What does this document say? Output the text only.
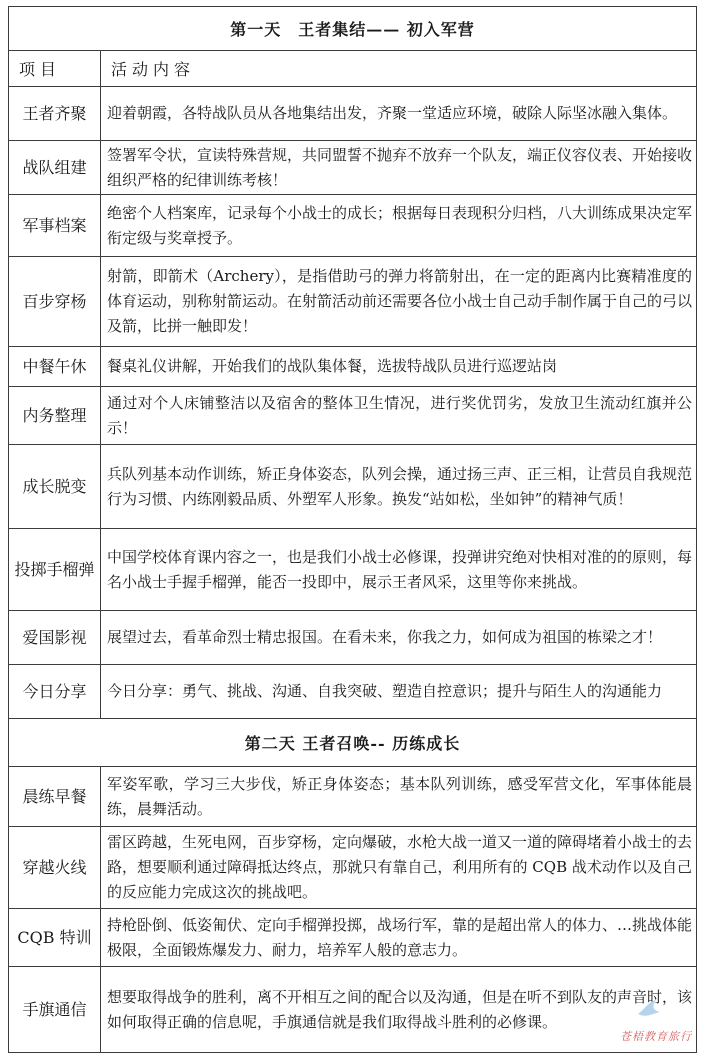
第一天　王者集结—— 初入军营	
项目	活动内容
王者齐聚	迎着朝霞，各特战队员从各地集结出发，齐聚一堂适应环境，破除人际坚冰融入集体。
战队组建	签署军令状，宣读特殊营规，共同盟誓不抛弃不放弃一个队友，端正仪容仪表、开始接收组织严格的纪律训练考核！
军事档案	绝密个人档案库，记录每个小战士的成长；根据每日表现积分归档，八大训练成果决定军衔定级与奖章授予。
百步穿杨	射箭，即箭术（Archery），是指借助弓的弹力将箭射出，在一定的距离内比赛精准度的体育运动，别称射箭运动。在射箭活动前还需要各位小战士自己动手制作属于自己的弓以及箭，比拼一触即发！
中餐午休	餐桌礼仪讲解，开始我们的战队集体餐，选拔特战队员进行巡逻站岗
内务整理	通过对个人床铺整洁以及宿舍的整体卫生情况，进行奖优罚劣，发放卫生流动红旗并公示！
成长脱变	兵队列基本动作训练，矫正身体姿态，队列会操，通过扬三声、正三相，让营员自我规范行为习惯、内练刚毅品质、外塑军人形象。换发“站如松，坐如钟”的精神气质！
投掷手榴弹	中国学校体育课内容之一，也是我们小战士必修课，投弹讲究绝对快相对准的的原则，每名小战士手握手榴弹，能否一投即中，展示王者风采，这里等你来挑战。
爱国影视	展望过去，看革命烈士精忠报国。在看未来，你我之力，如何成为祖国的栋梁之才！
今日分享	今日分享：勇气、挑战、沟通、自我突破、塑造自控意识；提升与陌生人的沟通能力
第二天 王者召唤-- 历练成长	
晨练早餐	军姿军歌，学习三大步伐，矫正身体姿态；基本队列训练，感受军营文化，军事体能晨练，晨舞活动。
穿越火线	雷区跨越，生死电网，百步穿杨，定向爆破，水枪大战一道又一道的障碍堵着小战士的去路，想要顺利通过障碍抵达终点，那就只有靠自己，利用所有的 CQB 战术动作以及自己的反应能力完成这次的挑战吧。
CQB 特训	持枪卧倒、低姿匍伏、定向手榴弹投掷，战场行军，靠的是超出常人的体力、…挑战体能极限，全面锻炼爆发力、耐力，培养军人般的意志力。
手旗通信	想要取得战争的胜利，离不开相互之间的配合以及沟通，但是在听不到队友的声音时，该如何取得正确的信息呢，手旗通信就是我们取得战斗胜利的必修课。
苍梧教育旅行
